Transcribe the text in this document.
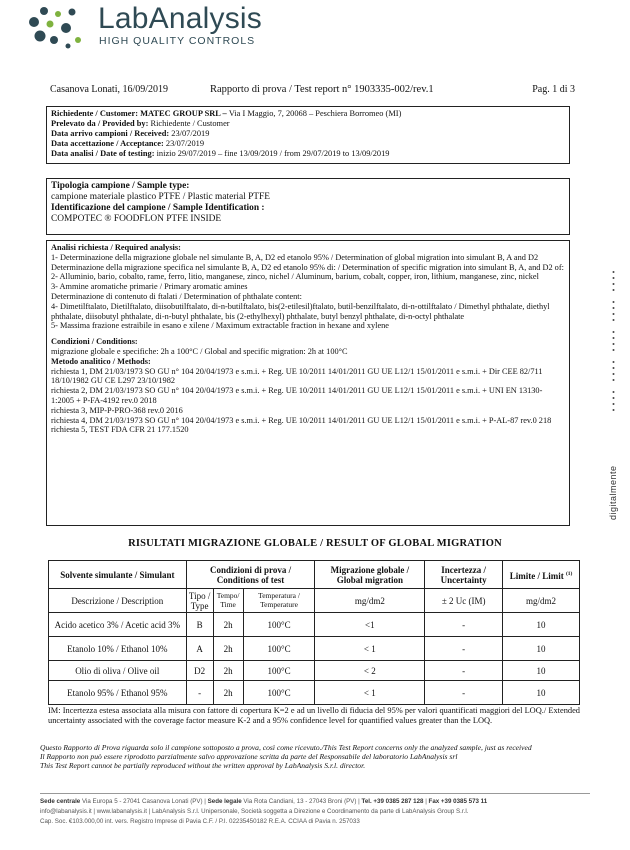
LabAnalysis
HIGH QUALITY CONTROLS
Casanova Lonati, 16/09/2019	Rapporto di prova / Test report n° 1903335-002/rev.1	Pag. 1 di 3
Richiedente / Customer: MATEC GROUP SRL – Via I Maggio, 7, 20068 – Peschiera Borromeo (MI)
Prelevato da / Provided by: Richiedente / Customer
Data arrivo campioni / Received: 23/07/2019
Data accettazione / Acceptance: 23/07/2019
Data analisi / Date of testing: inizio 29/07/2019 – fine 13/09/2019 / from 29/07/2019 to 13/09/2019
Tipologia campione / Sample type:
campione materiale plastico PTFE / Plastic material PTFE
Identificazione del campione / Sample Identification :
COMPOTEC ® FOODFLON PTFE INSIDE
Analisi richiesta / Required analysis:
1- Determinazione della migrazione globale nel simulante B, A, D2 ed etanolo 95% / Determination of global migration into simulant B, A and D2
Determinazione della migrazione specifica nel simulante B, A, D2 ed etanolo 95% di: / Determination of specific migration into simulant B, A, and D2 of:
2- Alluminio, bario, cobalto, rame, ferro, litio, manganese, zinco, nichel / Aluminum, barium, cobalt, copper, iron, lithium, manganese, zinc, nickel
3- Ammine aromatiche primarie / Primary aromatic amines
Determinazione di contenuto di ftalati / Determination of phthalate content:
4- Dimetilftalato, Dietilftalato, diisobutilftalato, di-n-butilftalato, bis(2-etilesil)ftalato, butil-benzilftalato, di-n-ottilftalato / Dimethyl phthalate, diethyl phthalate, diisobutyl phthalate, di-n-butyl phthalate, bis (2-ethylhexyl) phthalate, butyl benzyl phthalate, di-n-octyl phthalate
5- Massima frazione estraibile in esano e xilene / Maximum extractable fraction in hexane and xylene
Condizioni / Conditions:
migrazione globale e specifiche: 2h a 100°C / Global and specific migration: 2h at 100°C
Metodo analitico / Methods:
richiesta 1, DM 21/03/1973 SO GU n° 104 20/04/1973 e s.m.i. + Reg. UE 10/2011 14/01/2011 GU UE L12/1 15/01/2011 e s.m.i. + Dir CEE 82/711 18/10/1982 GU CE L297 23/10/1982
richiesta 2, DM 21/03/1973 SO GU n° 104 20/04/1973 e s.m.i. + Reg. UE 10/2011 14/01/2011 GU UE L12/1 15/01/2011 e s.m.i. + UNI EN 13130-1:2005 + P-FA-4192 rev.0 2018
richiesta 3, MIP-P-PRO-368 rev.0 2016
richiesta 4, DM 21/03/1973 SO GU n° 104 20/04/1973 e s.m.i. + Reg. UE 10/2011 14/01/2011 GU UE L12/1 15/01/2011 e s.m.i. + P-AL-87 rev.0 218
richiesta 5, TEST FDA CFR 21 177.1520
RISULTATI MIGRAZIONE GLOBALE / RESULT OF GLOBAL MIGRATION
Solvente simulante / Simulant	Condizioni di prova / Conditions of test			Migrazione globale / Global migration	Incertezza / Uncertainty	Limite / Limit $^{(1)}$
Descrizione / Description	Tipo / Type	Tempo/ Time	Temperatura / Temperature	mg/dm2	± 2 Uc (IM)	mg/dm2
Acido acetico 3% / Acetic acid 3%	B	2h	100°C	<1	-	10
Etanolo 10% / Ethanol 10%	A	2h	100°C	< 1	-	10
Olio di oliva / Olive oil	D2	2h	100°C	< 2	-	10
Etanolo 95% / Ethanol 95%	-	2h	100°C	< 1	-	10
IM: Incertezza estesa associata alla misura con fattore di copertura K=2 e ad un livello di fiducia del 95% per valori quantificati maggiori del LOQ./ Extended uncertainty associated with the coverage factor measure K-2 and a 95% confidence level for quantified values greater than the LOQ.
Questo Rapporto di Prova riguarda solo il campione sottoposto a prova, così come ricevuto./This Test Report concerns only the analyzed sample, just as received
Il Rapporto non può essere riprodotto parzialmente salvo approvazione scritta da parte del Responsabile del laboratorio LabAnalysis srl
This Test Report cannot be partially reproduced without the written approval by LabAnalysis S.r.l. director.
Sede centrale Via Europa 5 - 27041 Casanova Lonati (PV) | Sede legale Via Rota Candiani, 13 - 27043 Broni (PV) | Tel. +39 0385 287 128 | Fax +39 0385 573 11
info@labanalysis.it | www.labanalysis.it | LabAnalysis S.r.l. Unipersonale, Società soggetta a Direzione e Coordinamento da parte di LabAnalysis Group S.r.l.
Cap. Soc. €103.000,00 int. vers. Registro Imprese di Pavia C.F. / P.I. 02235450182 R.E.A. CCIAA di Pavia n. 257033
digitalmente
